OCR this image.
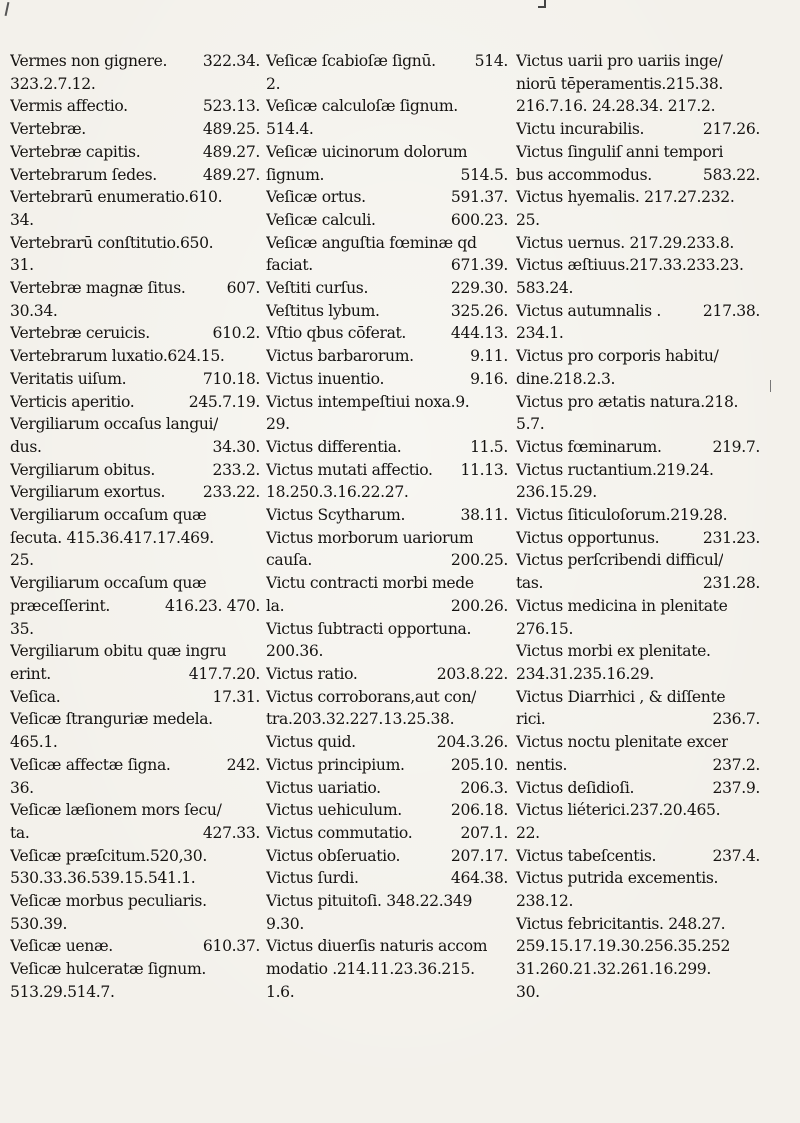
Vermes non gignere.	322.34.
323.2.7.12.
Vermis affectio.	523.13.
Vertebræ.	489.25.
Vertebræ capitis.	489.27.
Vertebrarum ſedes.	489.27.
Vertebrarū enumeratio.610.
34.
Vertebrarū conſtitutio.650.
31.
Vertebræ magnæ ſitus.	607.
30.34.
Vertebræ ceruicis.	610.2.
Vertebrarum luxatio.624.15.
Veritatis uiſum.	710.18.
Verticis aperitio.	245.7.19.
Vergiliarum occaſus langui/
dus.	34.30.
Vergiliarum obitus.	233.2.
Vergiliarum exortus.	233.22.
Vergiliarum occaſum quæ
ſecuta. 415.36.417.17.469.
25.
Vergiliarum occaſum quæ
præceſſerint.	416.23. 470.
35.
Vergiliarum obitu quæ ingru
erint.	417.7.20.
Veſica.	17.31.
Veſicæ ſtranguriæ medela.
465.1.
Veſicæ affectæ ſigna.	242.
36.
Veſicæ læſionem mors ſecu/
ta.	427.33.
Veſicæ præſcitum.520,30.
530.33.36.539.15.541.1.
Veſicæ morbus peculiaris.
530.39.
Veſicæ uenæ.	610.37.
Veſicæ hulceratæ ſignum.
513.29.514.7.
Veſicæ ſcabioſæ ſignū.	514.
2.
Veſicæ calculoſæ ſignum.
514.4.
Veſicæ uicinorum dolorum
ſignum.	514.5.
Veſicæ ortus.	591.37.
Veſicæ calculi.	600.23.
Veſicæ anguſtia fœminæ qd
faciat.	671.39.
Veſtiti curſus.	229.30.
Veſtitus lybum.	325.26.
Vſtio qbus cōferat.	444.13.
Victus barbarorum.	9.11.
Victus inuentio.	9.16.
Victus intempeſtiui noxa.9.
29.
Victus differentia.	11.5.
Victus mutati affectio.	11.13.
18.250.3.16.22.27.
Victus Scytharum.	38.11.
Victus morborum uariorum
cauſa.	200.25.
Victu contracti morbi mede
la.	200.26.
Victus ſubtracti opportuna.
200.36.
Victus ratio.	203.8.22.
Victus corroborans,aut con/
tra.203.32.227.13.25.38.
Victus quid.	204.3.26.
Victus principium.	205.10.
Victus uariatio.	206.3.
Victus uehiculum.	206.18.
Victus commutatio.	207.1.
Victus obſeruatio.	207.17.
Victus ſurdi.	464.38.
Victus pituitoſi. 348.22.349
9.30.
Victus diuerſis naturis accom
modatio .214.11.23.36.215.
1.6.
Victus uarii pro uariis inge/
niorū tēperamentis.215.38.
216.7.16. 24.28.34. 217.2.
Victu incurabilis.	217.26.
Victus ſinguliſ anni tempori
bus accommodus.	583.22.
Victus hyemalis. 217.27.232.
25.
Victus uernus. 217.29.233.8.
Victus æſtiuus.217.33.233.23.
583.24.
Victus autumnalis .	217.38.
234.1.
Victus pro corporis habitu/
dine.218.2.3.
Victus pro ætatis natura.218.
5.7.
Victus fœminarum.	219.7.
Victus ructantium.219.24.
236.15.29.
Victus ſiticuloſorum.219.28.
Victus opportunus.	231.23.
Victus perſcribendi difficul/
tas.	231.28.
Victus medicina in plenitate
276.15.
Victus morbi ex plenitate.
234.31.235.16.29.
Victus Diarrhici , & diſſente
rici.	236.7.
Victus noctu plenitate excer
nentis.	237.2.
Victus deſidioſi.	237.9.
Victus liéterici.237.20.465.
22.
Victus tabeſcentis.	237.4.
Victus putrida excementis.
238.12.
Victus febricitantis. 248.27.
259.15.17.19.30.256.35.252
31.260.21.32.261.16.299.
30.
